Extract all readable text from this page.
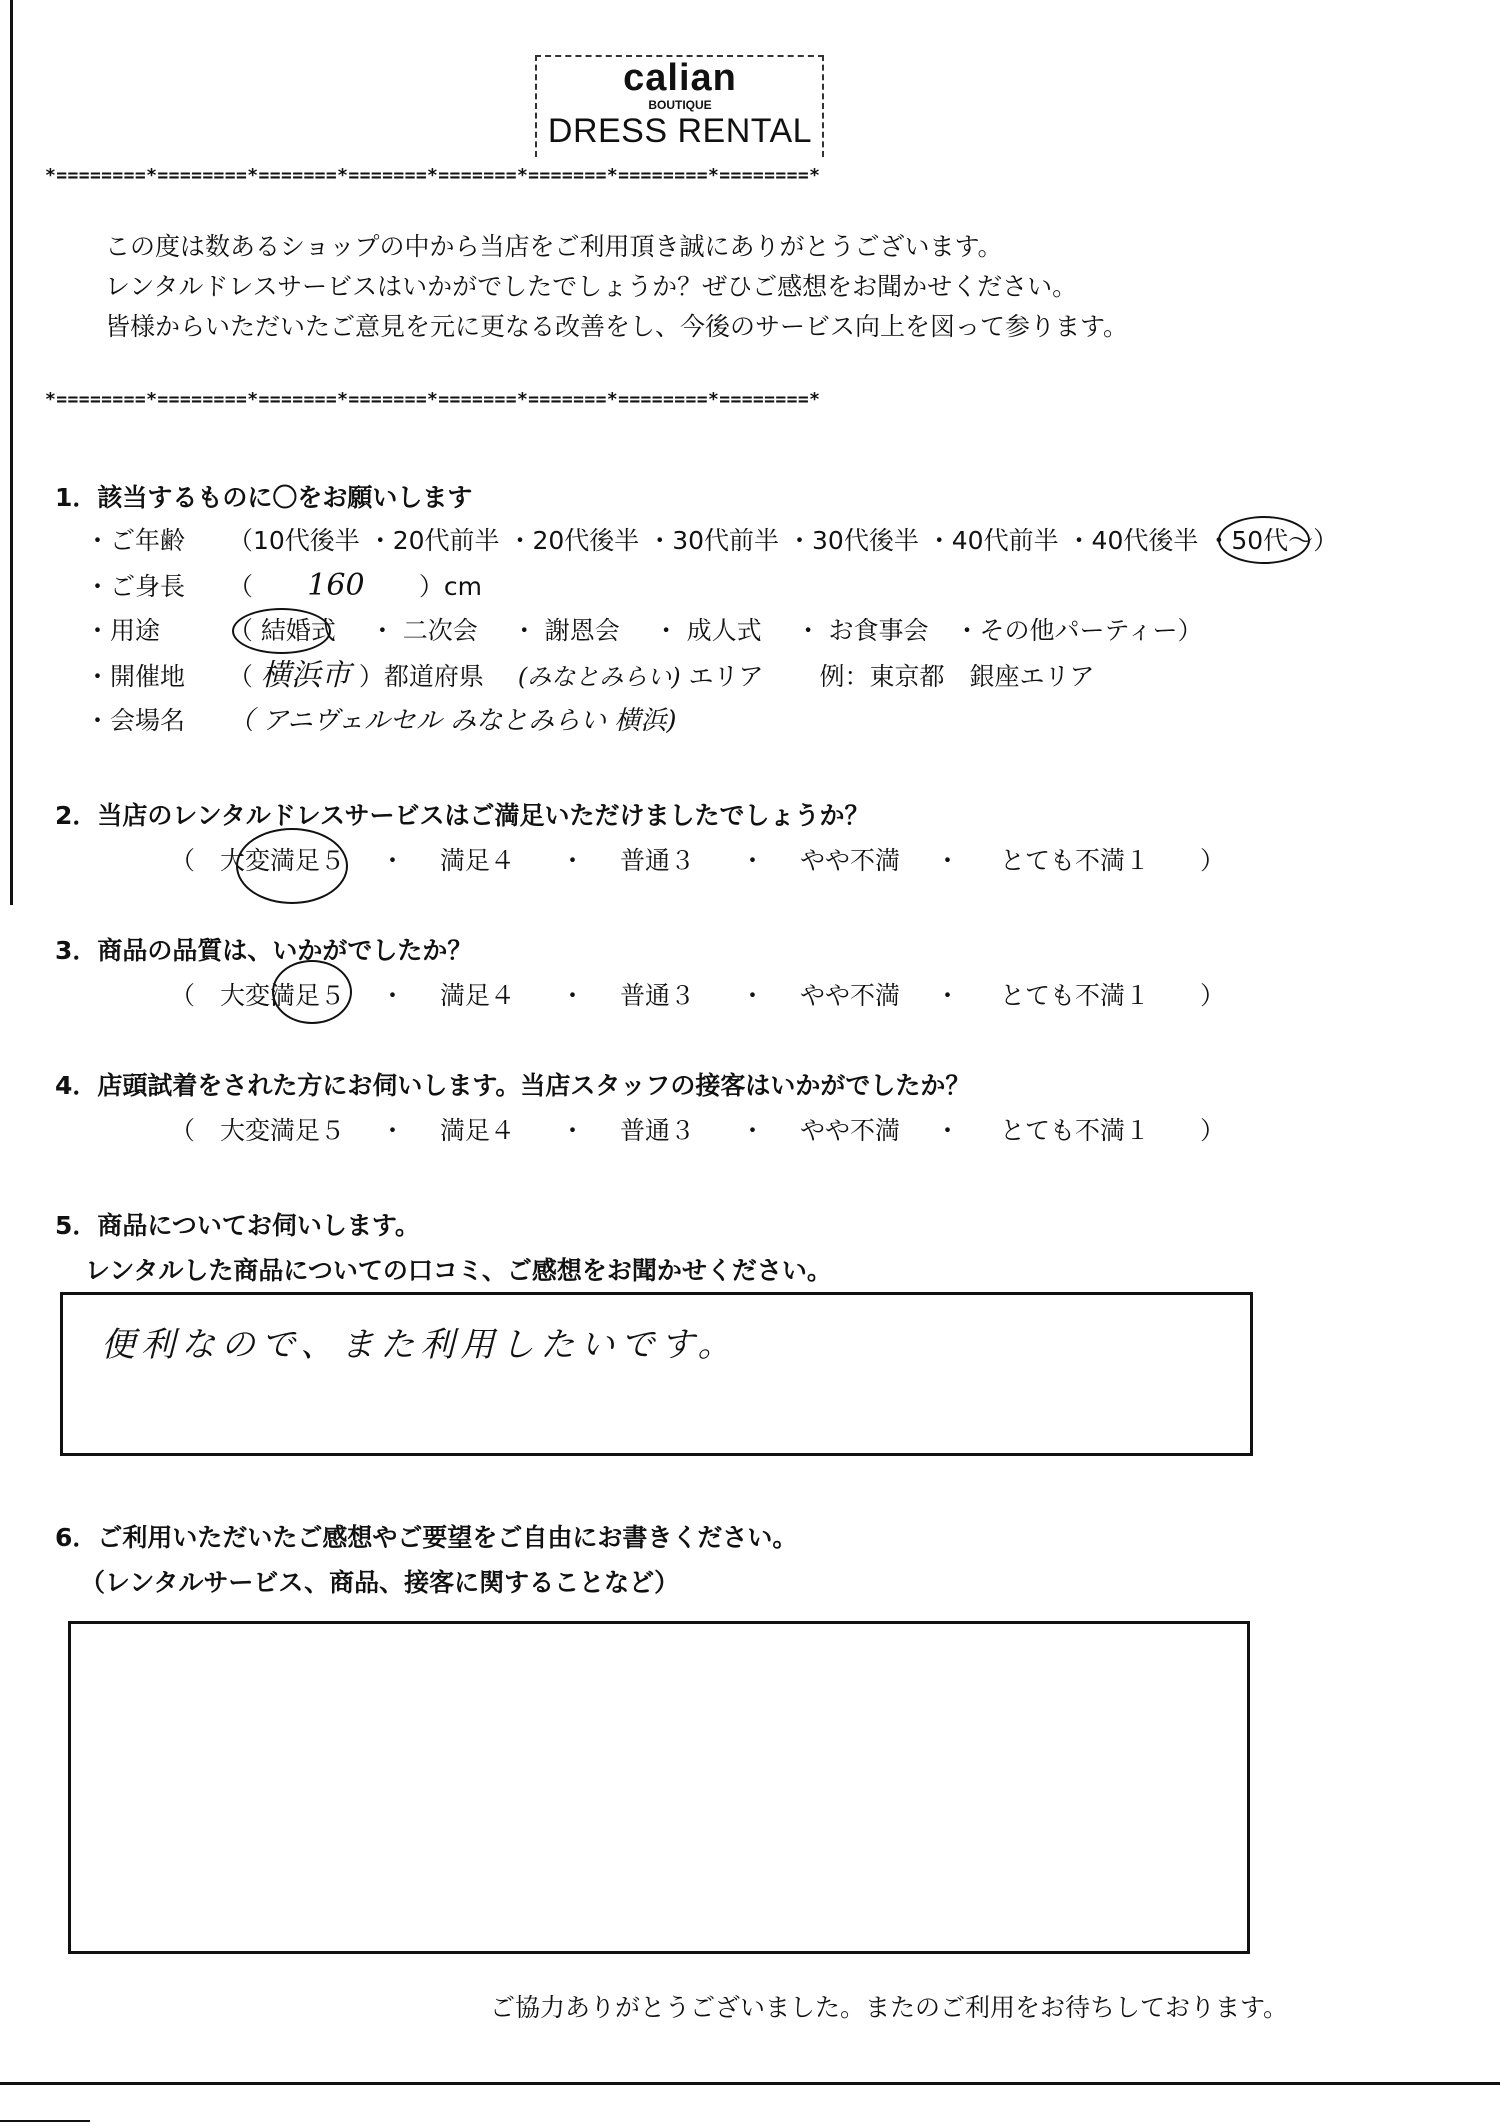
calian
BOUTIQUE
DRESS RENTAL
*========*========*=======*=======*=======*=======*========*========*
この度は数あるショップの中から当店をご利用頂き誠にありがとうございます。
レンタルドレスサービスはいかがでしたでしょうか？ぜひご感想をお聞かせください。
皆様からいただいたご意見を元に更なる改善をし、今後のサービス向上を図って参ります。
*========*========*=======*=======*=======*=======*========*========*
1．該当するものに〇をお願いします
・ご年齢 （10代後半 ・20代前半 ・20代後半 ・30代前半 ・30代後半 ・40代前半 ・40代後半 ・50代〜）
・ご身長 （ 160 ）cm
・用途	（ 結婚式 ・ 二次会 ・ 謝恩会 ・ 成人式 ・ お食事会 ・その他パーティー）
・開催地 （ 横浜市 ）都道府県 (みなとみらい) エリア 例：東京都　銀座エリア
・会場名 （ アニヴェルセル みなとみらい 横浜)
2．当店のレンタルドレスサービスはご満足いただけましたでしょうか？
（ 大変満足５	・	満足４	・	普通３	・	やや不満	・	とても不満１	）
3．商品の品質は、いかがでしたか？
（ 大変満足５	・	満足４	・	普通３	・	やや不満	・	とても不満１	）
4．店頭試着をされた方にお伺いします。当店スタッフの接客はいかがでしたか？
（ 大変満足５	・	満足４	・	普通３	・	やや不満	・	とても不満１	）
5．商品についてお伺いします。
レンタルした商品についての口コミ、ご感想をお聞かせください。
便利なので、また利用したいです。
6．ご利用いただいたご感想やご要望をご自由にお書きください。
（レンタルサービス、商品、接客に関することなど）
ご協力ありがとうございました。またのご利用をお待ちしております。
